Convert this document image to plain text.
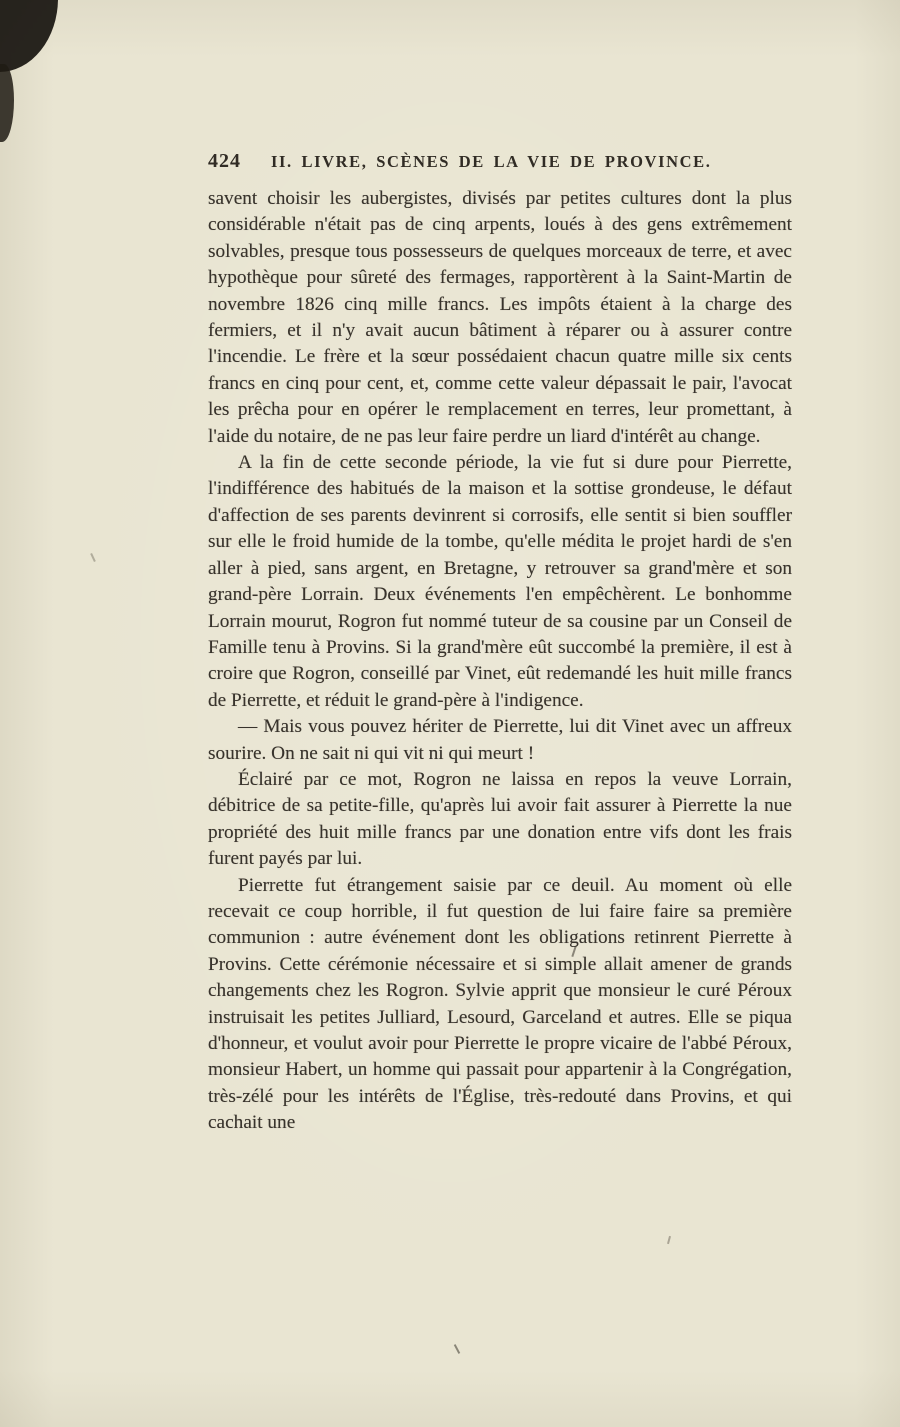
424 II. LIVRE, SCÈNES DE LA VIE DE PROVINCE.

savent choisir les aubergistes, divisés par petites cultures dont la plus considérable n'était pas de cinq arpents, loués à des gens extrêmement solvables, presque tous possesseurs de quelques morceaux de terre, et avec hypothèque pour sûreté des fermages, rapportèrent à la Saint-Martin de novembre 1826 cinq mille francs. Les impôts étaient à la charge des fermiers, et il n'y avait aucun bâtiment à réparer ou à assurer contre l'incendie. Le frère et la sœur possédaient chacun quatre mille six cents francs en cinq pour cent, et, comme cette valeur dépassait le pair, l'avocat les prêcha pour en opérer le remplacement en terres, leur promettant, à l'aide du notaire, de ne pas leur faire perdre un liard d'intérêt au change.

A la fin de cette seconde période, la vie fut si dure pour Pierrette, l'indifférence des habitués de la maison et la sottise grondeuse, le défaut d'affection de ses parents devinrent si corrosifs, elle sentit si bien souffler sur elle le froid humide de la tombe, qu'elle médita le projet hardi de s'en aller à pied, sans argent, en Bretagne, y retrouver sa grand'mère et son grand-père Lorrain. Deux événements l'en empêchèrent. Le bonhomme Lorrain mourut, Rogron fut nommé tuteur de sa cousine par un Conseil de Famille tenu à Provins. Si la grand'mère eût succombé la première, il est à croire que Rogron, conseillé par Vinet, eût redemandé les huit mille francs de Pierrette, et réduit le grand-père à l'indigence.

— Mais vous pouvez hériter de Pierrette, lui dit Vinet avec un affreux sourire. On ne sait ni qui vit ni qui meurt !

Éclairé par ce mot, Rogron ne laissa en repos la veuve Lorrain, débitrice de sa petite-fille, qu'après lui avoir fait assurer à Pierrette la nue propriété des huit mille francs par une donation entre vifs dont les frais furent payés par lui.

Pierrette fut étrangement saisie par ce deuil. Au moment où elle recevait ce coup horrible, il fut question de lui faire faire sa première communion : autre événement dont les obligations retinrent Pierrette à Provins. Cette cérémonie nécessaire et si simple allait amener de grands changements chez les Rogron. Sylvie apprit que monsieur le curé Péroux instruisait les petites Julliard, Lesourd, Garceland et autres. Elle se piqua d'honneur, et voulut avoir pour Pierrette le propre vicaire de l'abbé Péroux, monsieur Habert, un homme qui passait pour appartenir à la Congrégation, très-zélé pour les intérêts de l'Église, très-redouté dans Provins, et qui cachait une
